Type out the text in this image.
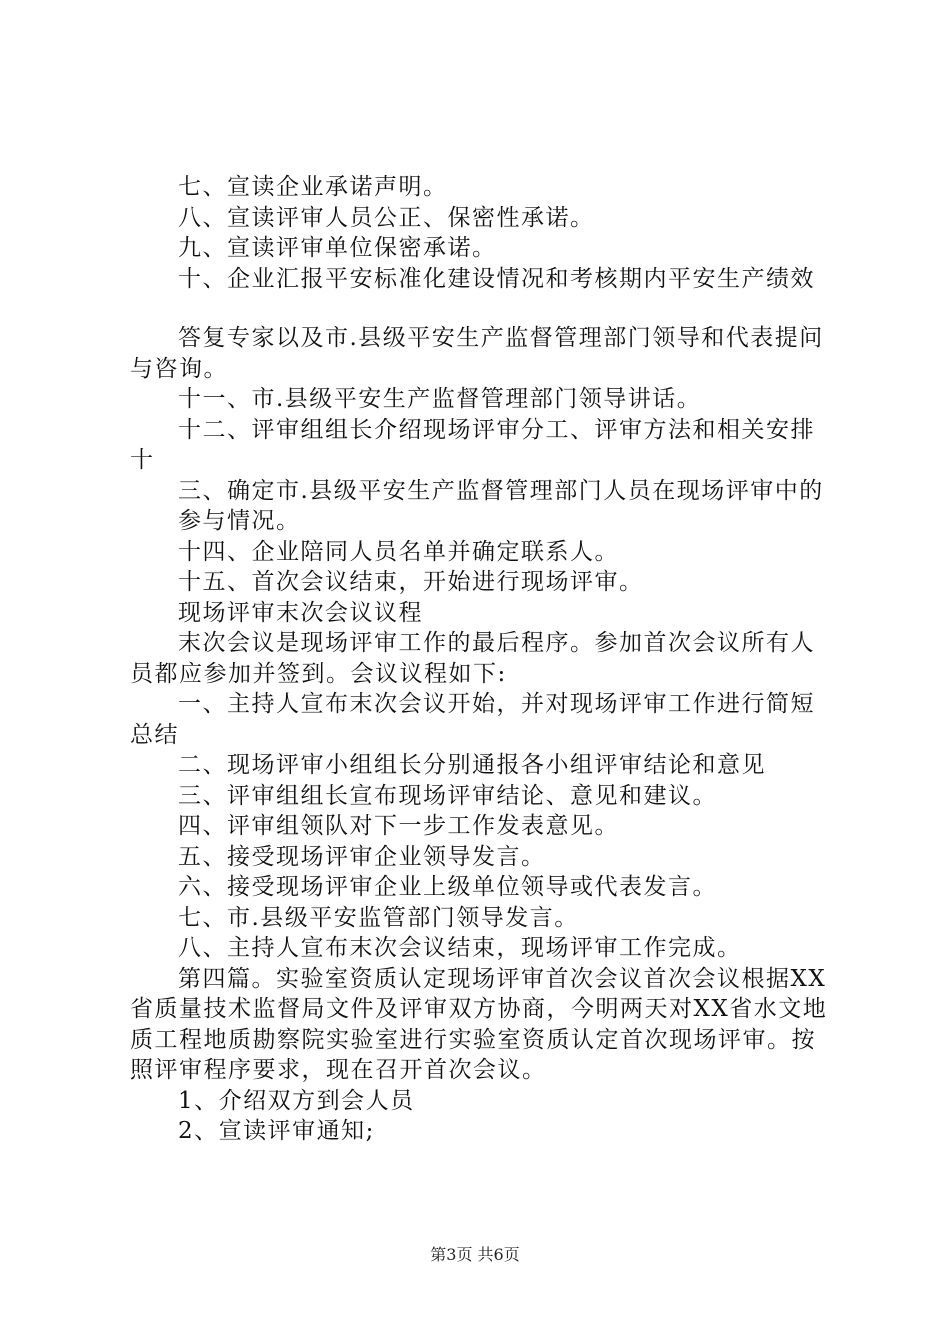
七、宣读企业承诺声明。

八、宣读评审人员公正、保密性承诺。

九、宣读评审单位保密承诺。

十、企业汇报平安标准化建设情况和考核期内平安生产绩效

答复专家以及市.县级平安生产监督管理部门领导和代表提问与咨询。

十一、市.县级平安生产监督管理部门领导讲话。

十二、评审组组长介绍现场评审分工、评审方法和相关安排十

三、确定市.县级平安生产监督管理部门人员在现场评审中的

参与情况。

十四、企业陪同人员名单并确定联系人。

十五、首次会议结束，开始进行现场评审。

现场评审末次会议议程

末次会议是现场评审工作的最后程序。参加首次会议所有人员都应参加并签到。会议议程如下:

一、主持人宣布末次会议开始，并对现场评审工作进行简短总结

二、现场评审小组组长分别通报各小组评审结论和意见

三、评审组组长宣布现场评审结论、意见和建议。

四、评审组领队对下一步工作发表意见。

五、接受现场评审企业领导发言。

六、接受现场评审企业上级单位领导或代表发言。

七、市.县级平安监管部门领导发言。

八、主持人宣布末次会议结束，现场评审工作完成。

第四篇。实验室资质认定现场评审首次会议首次会议根据XX省质量技术监督局文件及评审双方协商，今明两天对XX省水文地质工程地质勘察院实验室进行实验室资质认定首次现场评审。按照评审程序要求，现在召开首次会议。

1、介绍双方到会人员

2、宣读评审通知;

第3页 共6页
